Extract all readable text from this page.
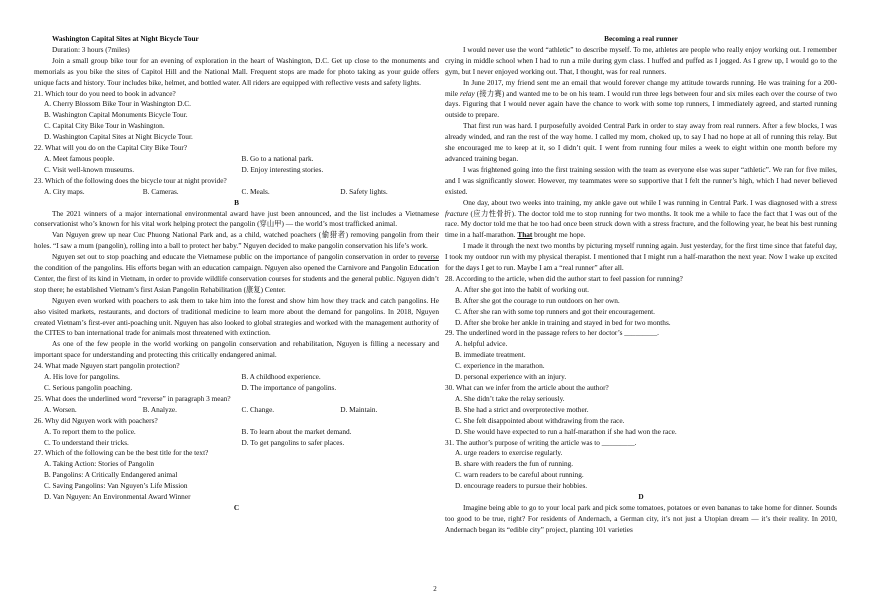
Washington Capital Sites at Night Bicycle Tour

Duration: 3 hours (7miles)

Join a small group bike tour for an evening of exploration in the heart of Washington, D.C. Get up close to the monuments and memorials as you bike the sites of Capitol Hill and the National Mall. Frequent stops are made for photo taking as your guide offers unique facts and history. Tour includes bike, helmet, and bottled water. All riders are equipped with reflective vests and safety lights.

21. Which tour do you need to book in advance?
A. Cherry Blossom Bike Tour in Washington D.C.
B. Washington Capital Monuments Bicycle Tour.
C. Capital City Bike Tour in Washington.
D. Washington Capital Sites at Night Bicycle Tour.
22. What will you do on the Capital City Bike Tour?
A. Meet famous people.	B. Go to a national park.
C. Visit well-known museums.	D. Enjoy interesting stories.
23. Which of the following does the bicycle tour at night provide?
A. City maps.	B. Cameras.	C. Meals.	D. Safety lights.
B

The 2021 winners of a major international environmental award have just been announced, and the list includes a Vietnamese conservationist who’s known for his vital work helping protect the pangolin (穿山甲) — the world’s most trafficked animal.

Van Nguyen grew up near Cuc Phuong National Park and, as a child, watched poachers (偷猎者) removing pangolin from their holes. “I saw a mum (pangolin), rolling into a ball to protect her baby.” Nguyen decided to make pangolin conservation his life’s work.

Nguyen set out to stop poaching and educate the Vietnamese public on the importance of pangolin conservation in order to reverse the condition of the pangolins. His efforts began with an education campaign. Nguyen also opened the Carnivore and Pangolin Education Center, the first of its kind in Vietnam, in order to provide wildlife conservation courses for students and the general public. Nguyen didn’t stop there; he established Vietnam’s first Asian Pangolin Rehabilitation (康复) Center.

Nguyen even worked with poachers to ask them to take him into the forest and show him how they track and catch pangolins. He also visited markets, restaurants, and doctors of traditional medicine to learn more about the demand for pangolins. In 2018, Nguyen created Vietnam’s first-ever anti-poaching unit. Nguyen has also looked to global strategies and worked with the management authority of the CITES to ban international trade for animals most threatened with extinction.

As one of the few people in the world working on pangolin conservation and rehabilitation, Nguyen is filling a necessary and important space for understanding and protecting this critically endangered animal.

24. What made Nguyen start pangolin protection?
A. His love for pangolins.	B. A childhood experience.
C. Serious pangolin poaching.	D. The importance of pangolins.
25. What does the underlined word “reverse” in paragraph 3 mean?
A. Worsen.	B. Analyze.	C. Change.	D. Maintain.
26. Why did Nguyen work with poachers?
A. To report them to the police.	B. To learn about the market demand.
C. To understand their tricks.	D. To get pangolins to safer places.
27. Which of the following can be the best title for the text?
A. Taking Action: Stories of Pangolin
B. Pangolins: A Critically Endangered animal
C. Saving Pangolins: Van Nguyen’s Life Mission
D. Van Nguyen: An Environmental Award Winner
C
Becoming a real runner

I would never use the word “athletic” to describe myself. To me, athletes are people who really enjoy working out. I remember crying in middle school when I had to run a mile during gym class. I huffed and puffed as I jogged. As I grew up, I would go to the gym, but I never enjoyed working out. That, I thought, was for real runners.

In June 2017, my friend sent me an email that would forever change my attitude towards running. He was training for a 200-mile relay (接力赛) and wanted me to be on his team. I would run three legs between four and six miles each over the course of two days. Figuring that I would never again have the chance to work with some top runners, I immediately agreed, and started running outside to prepare.

That first run was hard. I purposefully avoided Central Park in order to stay away from real runners. After a few blocks, I was already winded, and ran the rest of the way home. I called my mom, choked up, to say I had no hope at all of running this relay. But she encouraged me to keep at it, so I didn’t quit. I went from running four miles a week to eight within one month before my advanced training began.

I was frightened going into the first training session with the team as everyone else was super “athletic”. We ran for five miles, and I was significantly slower. However, my teammates were so supportive that I felt the runner’s high, which I had never believed existed.

One day, about two weeks into training, my ankle gave out while I was running in Central Park. I was diagnosed with a stress fracture (应力性骨折). The doctor told me to stop running for two months. It took me a while to face the fact that I was out of the race. My doctor told me that he too had once been struck down with a stress fracture, and the following year, he beat his best running time in a half-marathon. That brought me hope.

I made it through the next two months by picturing myself running again. Just yesterday, for the first time since that fateful day, I took my outdoor run with my physical therapist. I mentioned that I might run a half-marathon the next year. Now I wake up excited for the days I get to run. Maybe I am a “real runner” after all.

28. According to the article, when did the author start to feel passion for running?
A. After she got into the habit of working out.
B. After she got the courage to run outdoors on her own.
C. After she ran with some top runners and got their encouragement.
D. After she broke her ankle in training and stayed in bed for two months.
29. The underlined word in the passage refers to her doctor’s _________.
A. helpful advice.
B. immediate treatment.
C. experience in the marathon.
D. personal experience with an injury.
30. What can we infer from the article about the author?
A. She didn’t take the relay seriously.
B. She had a strict and overprotective mother.
C. She felt disappointed about withdrawing from the race.
D. She would have expected to run a half-marathon if she had won the race.
31. The author’s purpose of writing the article was to _________.
A. urge readers to exercise regularly.
B. share with readers the fun of running.
C. warn readers to be careful about running.
D. encourage readers to pursue their hobbies.
D

Imagine being able to go to your local park and pick some tomatoes, potatoes or even bananas to take home for dinner. Sounds too good to be true, right? For residents of Andernach, a German city, it’s not just a Utopian dream — it’s their reality. In 2010, Andernach began its “edible city” project, planting 101 varieties

2
